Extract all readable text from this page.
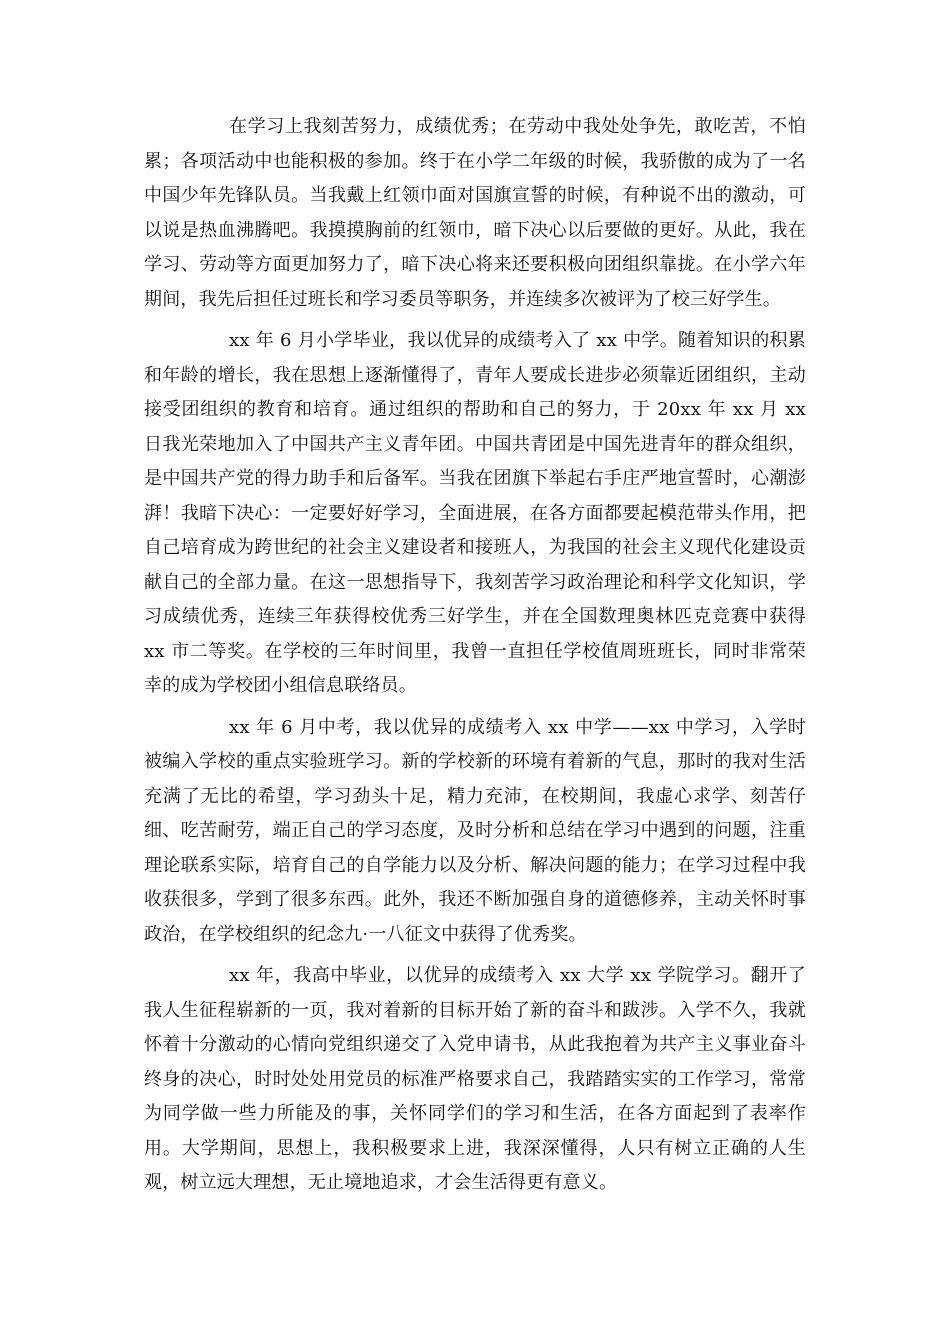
在学习上我刻苦努力，成绩优秀；在劳动中我处处争先，敢吃苦，不怕累；各项活动中也能积极的参加。终于在小学二年级的时候，我骄傲的成为了一名中国少年先锋队员。当我戴上红领巾面对国旗宣誓的时候，有种说不出的激动，可以说是热血沸腾吧。我摸摸胸前的红领巾，暗下决心以后要做的更好。从此，我在学习、劳动等方面更加努力了，暗下决心将来还要积极向团组织靠拢。在小学六年期间，我先后担任过班长和学习委员等职务，并连续多次被评为了校三好学生。

xx 年 6 月小学毕业，我以优异的成绩考入了 xx 中学。随着知识的积累和年龄的增长，我在思想上逐渐懂得了，青年人要成长进步必须靠近团组织，主动接受团组织的教育和培育。通过组织的帮助和自己的努力，于 20xx 年 xx 月 xx 日我光荣地加入了中国共产主义青年团。中国共青团是中国先进青年的群众组织，是中国共产党的得力助手和后备军。当我在团旗下举起右手庄严地宣誓时，心潮澎湃！我暗下决心：一定要好好学习，全面进展，在各方面都要起模范带头作用，把自己培育成为跨世纪的社会主义建设者和接班人，为我国的社会主义现代化建设贡献自己的全部力量。在这一思想指导下，我刻苦学习政治理论和科学文化知识，学习成绩优秀，连续三年获得校优秀三好学生，并在全国数理奥林匹克竞赛中获得 xx 市二等奖。在学校的三年时间里，我曾一直担任学校值周班班长，同时非常荣幸的成为学校团小组信息联络员。

xx 年 6 月中考，我以优异的成绩考入 xx 中学——xx 中学习，入学时被编入学校的重点实验班学习。新的学校新的环境有着新的气息，那时的我对生活充满了无比的希望，学习劲头十足，精力充沛，在校期间，我虚心求学、刻苦仔细、吃苦耐劳，端正自己的学习态度，及时分析和总结在学习中遇到的问题，注重理论联系实际，培育自己的自学能力以及分析、解决问题的能力；在学习过程中我收获很多，学到了很多东西。此外，我还不断加强自身的道德修养，主动关怀时事政治，在学校组织的纪念九·一八征文中获得了优秀奖。

xx 年，我高中毕业，以优异的成绩考入 xx 大学 xx 学院学习。翻开了我人生征程崭新的一页，我对着新的目标开始了新的奋斗和跋涉。入学不久，我就怀着十分激动的心情向党组织递交了入党申请书，从此我抱着为共产主义事业奋斗终身的决心，时时处处用党员的标准严格要求自己，我踏踏实实的工作学习，常常为同学做一些力所能及的事，关怀同学们的学习和生活，在各方面起到了表率作用。大学期间，思想上，我积极要求上进，我深深懂得，人只有树立正确的人生观，树立远大理想，无止境地追求，才会生活得更有意义。
